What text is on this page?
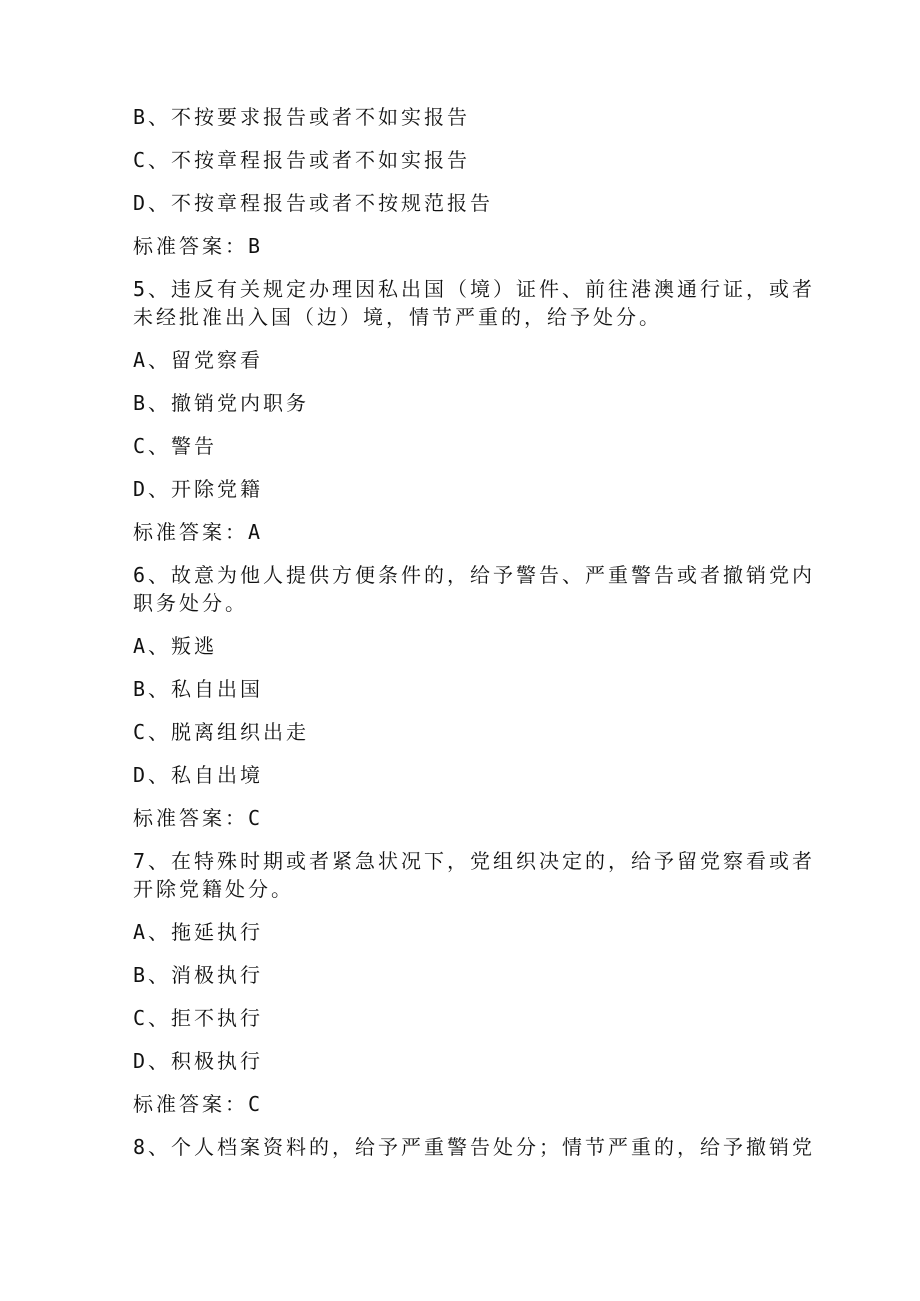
B、不按要求报告或者不如实报告
C、不按章程报告或者不如实报告
D、不按章程报告或者不按规范报告
标准答案：B
5、违反有关规定办理因私出国（境）证件、前往港澳通行证，或者
未经批准出入国（边）境，情节严重的，给予处分。
A、留党察看
B、撤销党内职务
C、警告
D、开除党籍
标准答案：A
6、故意为他人提供方便条件的，给予警告、严重警告或者撤销党内
职务处分。
A、叛逃
B、私自出国
C、脱离组织出走
D、私自出境
标准答案：C
7、在特殊时期或者紧急状况下，党组织决定的，给予留党察看或者
开除党籍处分。
A、拖延执行
B、消极执行
C、拒不执行
D、积极执行
标准答案：C
8、个人档案资料的，给予严重警告处分；情节严重的，给予撤销党
